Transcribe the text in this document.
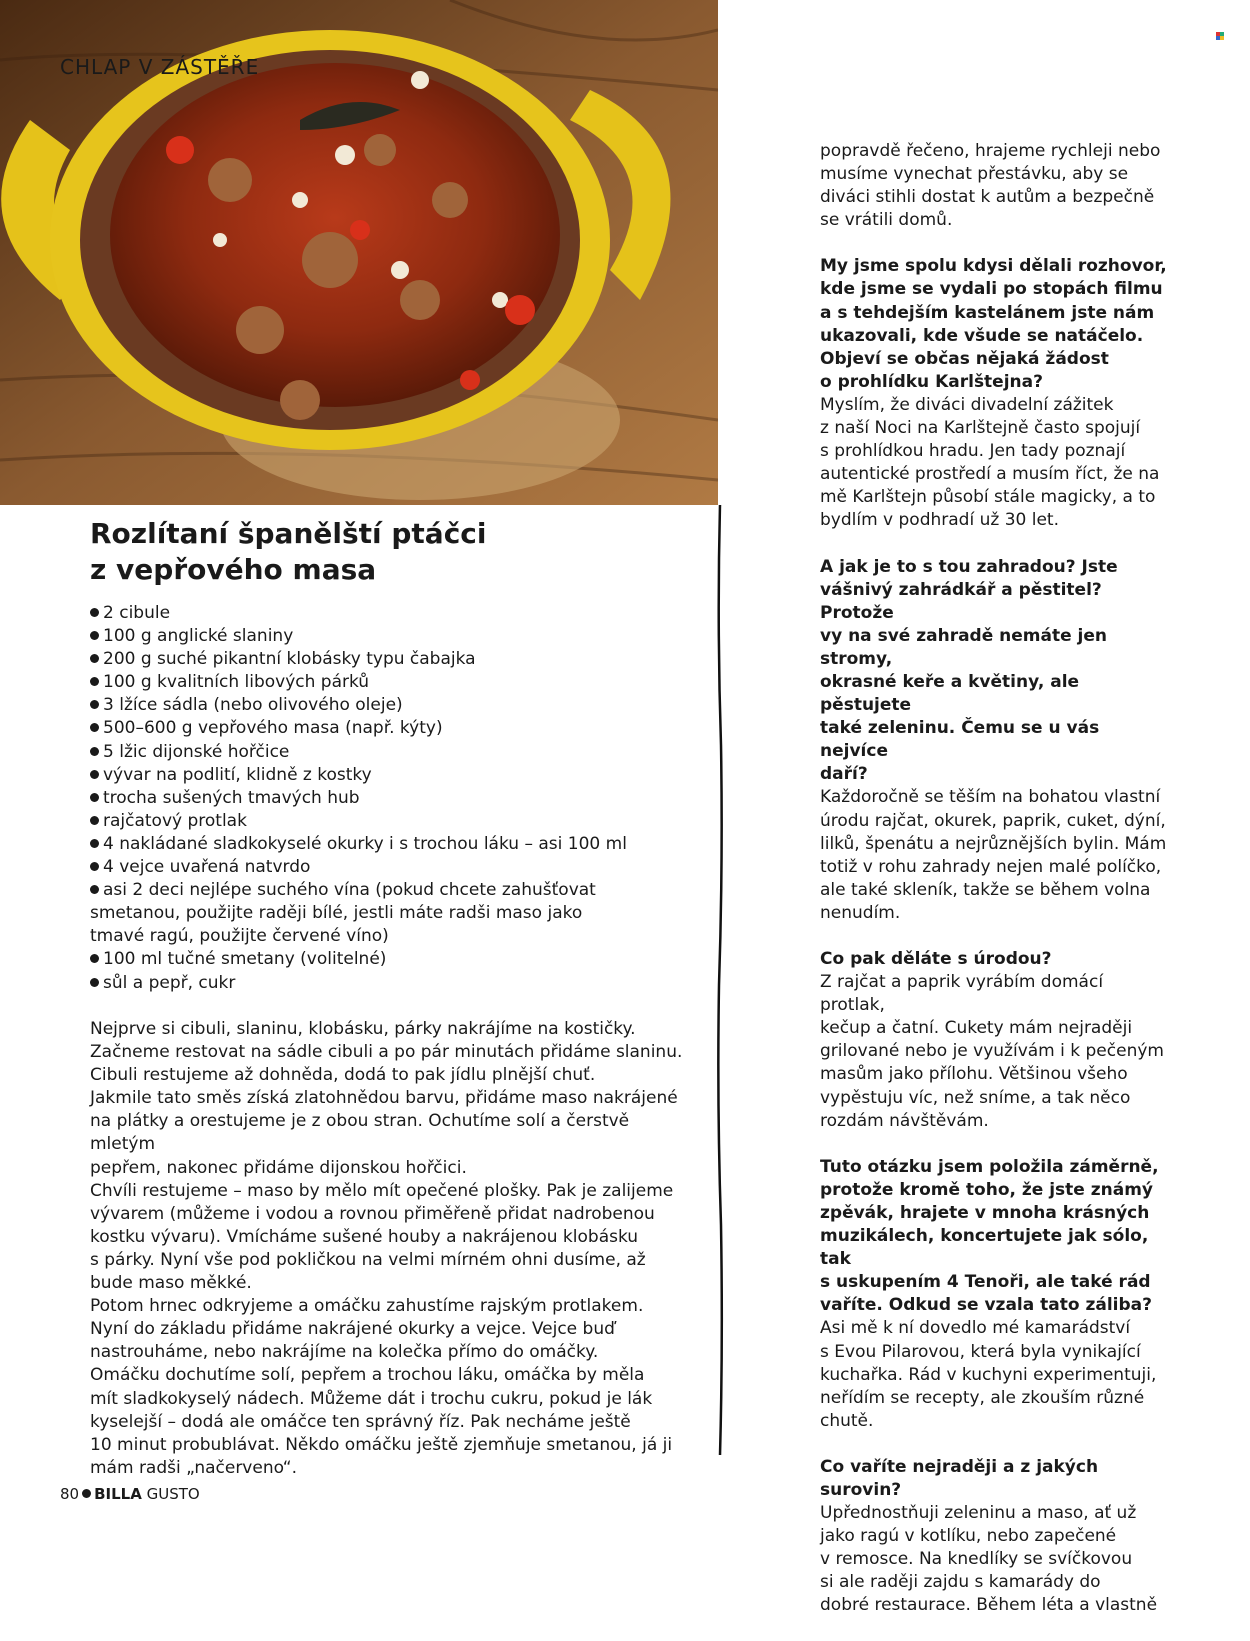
CHLAP V ZÁSTĚŘE
Rozlítaní španělští ptáčci
z vepřového masa
2 cibule
100 g anglické slaniny
200 g suché pikantní klobásky typu čabajka
100 g kvalitních libových párků
3 lžíce sádla (nebo olivového oleje)
500–600 g vepřového masa (např. kýty)
5 lžic dijonské hořčice
vývar na podlití, klidně z kostky
trocha sušených tmavých hub
rajčatový protlak
4 nakládané sladkokyselé okurky i s trochou láku – asi 100 ml
4 vejce uvařená natvrdo
asi 2 deci nejlépe suchého vína (pokud chcete zahušťovat
smetanou, použijte raději bílé, jestli máte radši maso jako
tmavé ragú, použijte červené víno)
100 ml tučné smetany (volitelné)
sůl a pepř, cukr

Nejprve si cibuli, slaninu, klobásku, párky nakrájíme na kostičky.

Začneme restovat na sádle cibuli a po pár minutách přidáme slaninu.

Cibuli restujeme až dohněda, dodá to pak jídlu plnější chuť.

Jakmile tato směs získá zlatohnědou barvu, přidáme maso nakrájené

na plátky a orestujeme je z obou stran. Ochutíme solí a čerstvě mletým

pepřem, nakonec přidáme dijonskou hořčici.

Chvíli restujeme – maso by mělo mít opečené plošky. Pak je zalijeme

vývarem (můžeme i vodou a rovnou přiměřeně přidat nadrobenou

kostku vývaru). Vmícháme sušené houby a nakrájenou klobásku

s párky. Nyní vše pod pokličkou na velmi mírném ohni dusíme, až

bude maso měkké.

Potom hrnec odkryjeme a omáčku zahustíme rajským protlakem.

Nyní do základu přidáme nakrájené okurky a vejce. Vejce buď

nastrouháme, nebo nakrájíme na kolečka přímo do omáčky.

Omáčku dochutíme solí, pepřem a trochou láku, omáčka by měla

mít sladkokyselý nádech. Můžeme dát i trochu cukru, pokud je lák

kyselejší – dodá ale omáčce ten správný říz. Pak necháme ještě

10 minut probublávat. Někdo omáčku ještě zjemňuje smetanou, já ji

mám radši „načerveno“.

80 BILLA GUSTO
popravdě řečeno, hrajeme rychleji nebo
musíme vynechat přestávku, aby se
diváci stihli dostat k autům a bezpečně
se vrátili domů.
My jsme spolu kdysi dělali rozhovor,
kde jsme se vydali po stopách filmu
a s tehdejším kastelánem jste nám
ukazovali, kde všude se natáčelo.
Objeví se občas nějaká žádost
o prohlídku Karlštejna?
Myslím, že diváci divadelní zážitek
z naší Noci na Karlštejně často spojují
s prohlídkou hradu. Jen tady poznají
autentické prostředí a musím říct, že na
mě Karlštejn působí stále magicky, a to
bydlím v podhradí už 30 let.
A jak je to s tou zahradou? Jste
vášnivý zahrádkář a pěstitel? Protože
vy na své zahradě nemáte jen stromy,
okrasné keře a květiny, ale pěstujete
také zeleninu. Čemu se u vás nejvíce
daří?
Každoročně se těším na bohatou vlastní
úrodu rajčat, okurek, paprik, cuket, dýní,
lilků, špenátu a nejrůznějších bylin. Mám
totiž v rohu zahrady nejen malé políčko,
ale také skleník, takže se během volna
nenudím.
Co pak děláte s úrodou?
Z rajčat a paprik vyrábím domácí protlak,
kečup a čatní. Cukety mám nejraději
grilované nebo je využívám i k pečeným
masům jako přílohu. Většinou všeho
vypěstuju víc, než sníme, a tak něco
rozdám návštěvám.
Tuto otázku jsem položila záměrně,
protože kromě toho, že jste známý
zpěvák, hrajete v mnoha krásných
muzikálech, koncertujete jak sólo, tak
s uskupením 4 Tenoři, ale také rád
vaříte. Odkud se vzala tato záliba?
Asi mě k ní dovedlo mé kamarádství
s Evou Pilarovou, která byla vynikající
kuchařka. Rád v kuchyni experimentuji,
neřídím se recepty, ale zkouším různé
chutě.
Co vaříte nejraději a z jakých surovin?
Upřednostňuji zeleninu a maso, ať už
jako ragú v kotlíku, nebo zapečené
v remosce. Na knedlíky se svíčkovou
si ale raději zajdu s kamarády do
dobré restaurace. Během léta a vlastně
